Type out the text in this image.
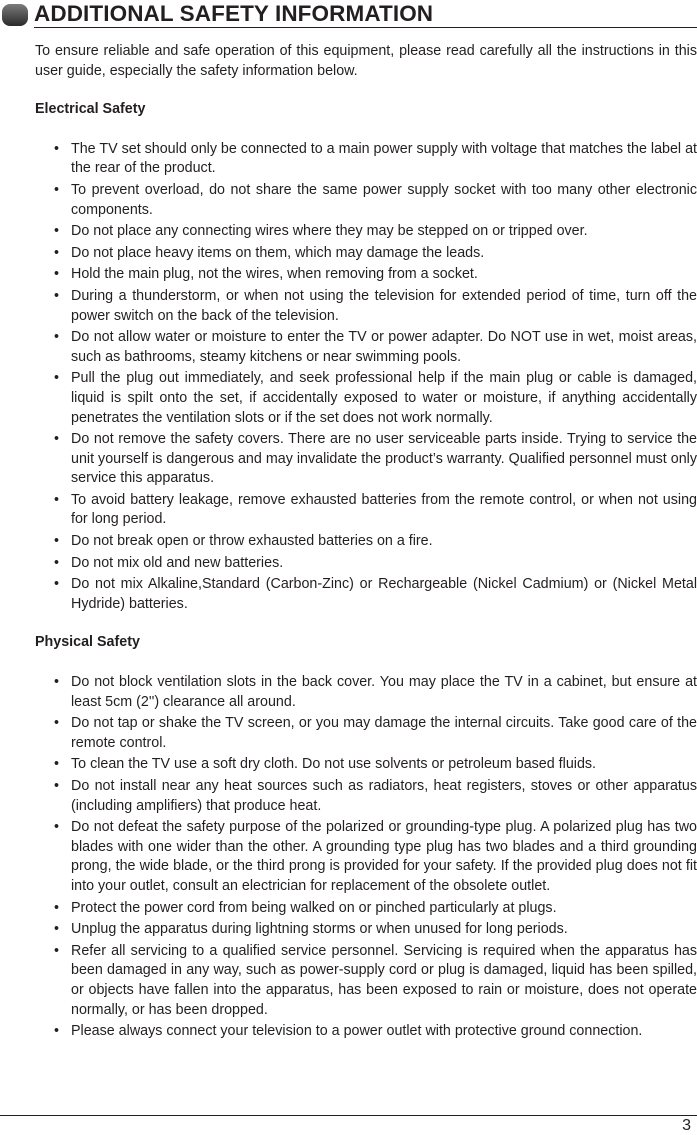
ADDITIONAL SAFETY INFORMATION

To ensure reliable and safe operation of this equipment, please read carefully all the instructions in this user guide, especially the safety information below.

Electrical Safety
• The TV set should only be connected to a main power supply with voltage that matches the label at the rear of the product.
• To prevent overload, do not share the same power supply socket with too many other electronic components.
• Do not place any connecting wires where they may be stepped on or tripped over.
• Do not place heavy items on them, which may damage the leads.
• Hold the main plug, not the wires, when removing from a socket.
• During a thunderstorm, or when not using the television for extended period of time, turn off the power switch on the back of the television.
• Do not allow water or moisture to enter the TV or power adapter. Do NOT use in wet, moist areas, such as bathrooms, steamy kitchens or near swimming pools.
• Pull the plug out immediately, and seek professional help if the main plug or cable is damaged, liquid is spilt onto the set, if accidentally exposed to water or moisture, if anything accidentally penetrates the ventilation slots or if the set does not work normally.
• Do not remove the safety covers. There are no user serviceable parts inside. Trying to service the unit yourself is dangerous and may invalidate the product’s warranty. Qualified personnel must only service this apparatus.
• To avoid battery leakage, remove exhausted batteries from the remote control, or when not using for long period.
• Do not break open or throw exhausted batteries on a fire.
• Do not mix old and new batteries.
• Do not mix Alkaline,Standard (Carbon-Zinc) or Rechargeable (Nickel Cadmium) or (Nickel Metal Hydride) batteries.
Physical Safety
• Do not block ventilation slots in the back cover. You may place the TV in a cabinet, but ensure at least 5cm (2'') clearance all around.
• Do not tap or shake the TV screen, or you may damage the internal circuits. Take good care of the remote control.
• To clean the TV use a soft dry cloth. Do not use solvents or petroleum based fluids.
• Do not install near any heat sources such as radiators, heat registers, stoves or other apparatus (including amplifiers) that produce heat.
• Do not defeat the safety purpose of the polarized or grounding-type plug. A polarized plug has two blades with one wider than the other. A grounding type plug has two blades and a third grounding prong, the wide blade, or the third prong is provided for your safety. If the provided plug does not fit into your outlet, consult an electrician for replacement of the obsolete outlet.
• Protect the power cord from being walked on or pinched particularly at plugs.
• Unplug the apparatus during lightning storms or when unused for long periods.
• Refer all servicing to a qualified service personnel. Servicing is required when the apparatus has been damaged in any way, such as power-supply cord or plug is damaged, liquid has been spilled, or objects have fallen into the apparatus, has been exposed to rain or moisture, does not operate normally, or has been dropped.
• Please always connect your television to a power outlet with protective ground connection.
3
